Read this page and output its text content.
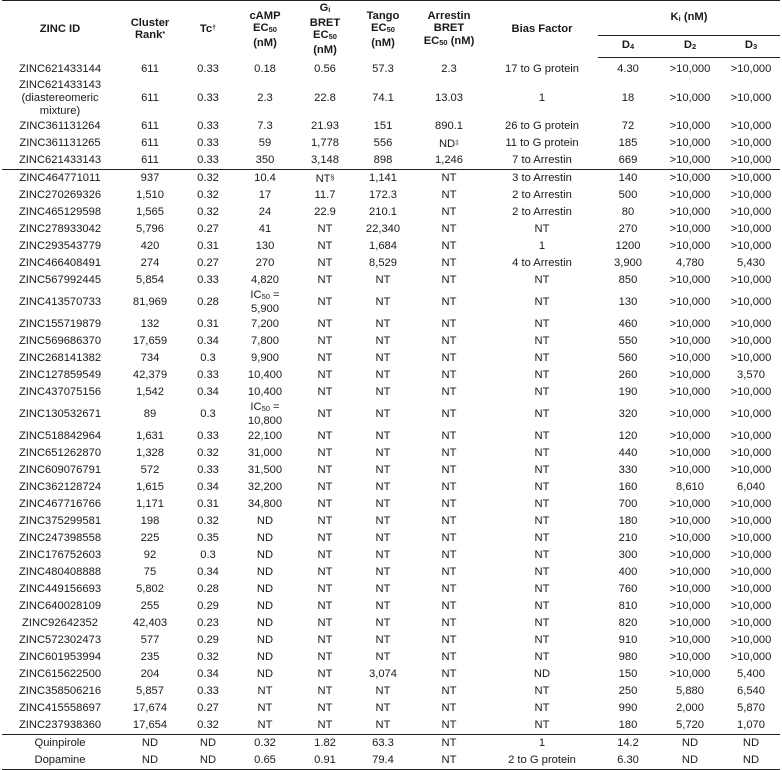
ZINC ID	Cluster Rank*	Tc†	cAMP
$EC_{50}$
(nM)	$G_i$
BRET
$EC_{50}$
(nM)	Tango
$EC_{50}$
(nM)	Arrestin
BRET
$EC_{50}$ (nM)	Bias Factor	$K_i$ (nM)		
								$D_4$	$D_2$	$D_3$
ZINC621433144	611	0.33	0.18	0.56	57.3	2.3	17 to G protein	4.30	>10,000	>10,000
ZINC621433143 (diastereomeric mixture)	611	0.33	2.3	22.8	74.1	13.03	1	18	>10,000	>10,000
ZINC361131264	611	0.33	7.3	21.93	151	890.1	26 to G protein	72	>10,000	>10,000
ZINC361131265	611	0.33	59	1,778	556	ND‡	11 to G protein	185	>10,000	>10,000
ZINC621433143	611	0.33	350	3,148	898	1,246	7 to Arrestin	669	>10,000	>10,000
ZINC464771011	937	0.32	10.4	NT§	1,141	NT	3 to Arrestin	140	>10,000	>10,000
ZINC270269326	1,510	0.32	17	11.7	172.3	NT	2 to Arrestin	500	>10,000	>10,000
ZINC465129598	1,565	0.32	24	22.9	210.1	NT	2 to Arrestin	80	>10,000	>10,000
ZINC278933042	5,796	0.27	41	NT	22,340	NT	NT	270	>10,000	>10,000
ZINC293543779	420	0.31	130	NT	1,684	NT	1	1200	>10,000	>10,000
ZINC466408491	274	0.27	270	NT	8,529	NT	4 to Arrestin	3,900	4,780	5,430
ZINC567992445	5,854	0.33	4,820	NT	NT	NT	NT	850	>10,000	>10,000
ZINC413570733	81,969	0.28	$IC_{50}$ =
5,900	NT	NT	NT	NT	130	>10,000	>10,000
ZINC155719879	132	0.31	7,200	NT	NT	NT	NT	460	>10,000	>10,000
ZINC569686370	17,659	0.34	7,800	NT	NT	NT	NT	550	>10,000	>10,000
ZINC268141382	734	0.3	9,900	NT	NT	NT	NT	560	>10,000	>10,000
ZINC127859549	42,379	0.33	10,400	NT	NT	NT	NT	260	>10,000	3,570
ZINC437075156	1,542	0.34	10,400	NT	NT	NT	NT	190	>10,000	>10,000
ZINC130532671	89	0.3	$IC_{50}$ =
10,800	NT	NT	NT	NT	320	>10,000	>10,000
ZINC518842964	1,631	0.33	22,100	NT	NT	NT	NT	120	>10,000	>10,000
ZINC651262870	1,328	0.32	31,000	NT	NT	NT	NT	440	>10,000	>10,000
ZINC609076791	572	0.33	31,500	NT	NT	NT	NT	330	>10,000	>10,000
ZINC362128724	1,615	0.34	32,200	NT	NT	NT	NT	160	8,610	6,040
ZINC467716766	1,171	0.31	34,800	NT	NT	NT	NT	700	>10,000	>10,000
ZINC375299581	198	0.32	ND	NT	NT	NT	NT	180	>10,000	>10,000
ZINC247398558	225	0.35	ND	NT	NT	NT	NT	210	>10,000	>10,000
ZINC176752603	92	0.3	ND	NT	NT	NT	NT	300	>10,000	>10,000
ZINC480408888	75	0.34	ND	NT	NT	NT	NT	400	>10,000	>10,000
ZINC449156693	5,802	0.28	ND	NT	NT	NT	NT	760	>10,000	>10,000
ZINC640028109	255	0.29	ND	NT	NT	NT	NT	810	>10,000	>10,000
ZINC92642352	42,403	0.23	ND	NT	NT	NT	NT	820	>10,000	>10,000
ZINC572302473	577	0.29	ND	NT	NT	NT	NT	910	>10,000	>10,000
ZINC601953994	235	0.32	ND	NT	NT	NT	NT	980	>10,000	>10,000
ZINC615622500	204	0.34	ND	NT	3,074	NT	ND	150	>10,000	5,400
ZINC358506216	5,857	0.33	NT	NT	NT	NT	NT	250	5,880	6,540
ZINC415558697	17,674	0.27	NT	NT	NT	NT	NT	990	2,000	5,870
ZINC237938360	17,654	0.32	NT	NT	NT	NT	NT	180	5,720	1,070
Quinpirole	ND	ND	0.32	1.82	63.3	NT	1	14.2	ND	ND
Dopamine	ND	ND	0.65	0.91	79.4	NT	2 to G protein	6.30	ND	ND
